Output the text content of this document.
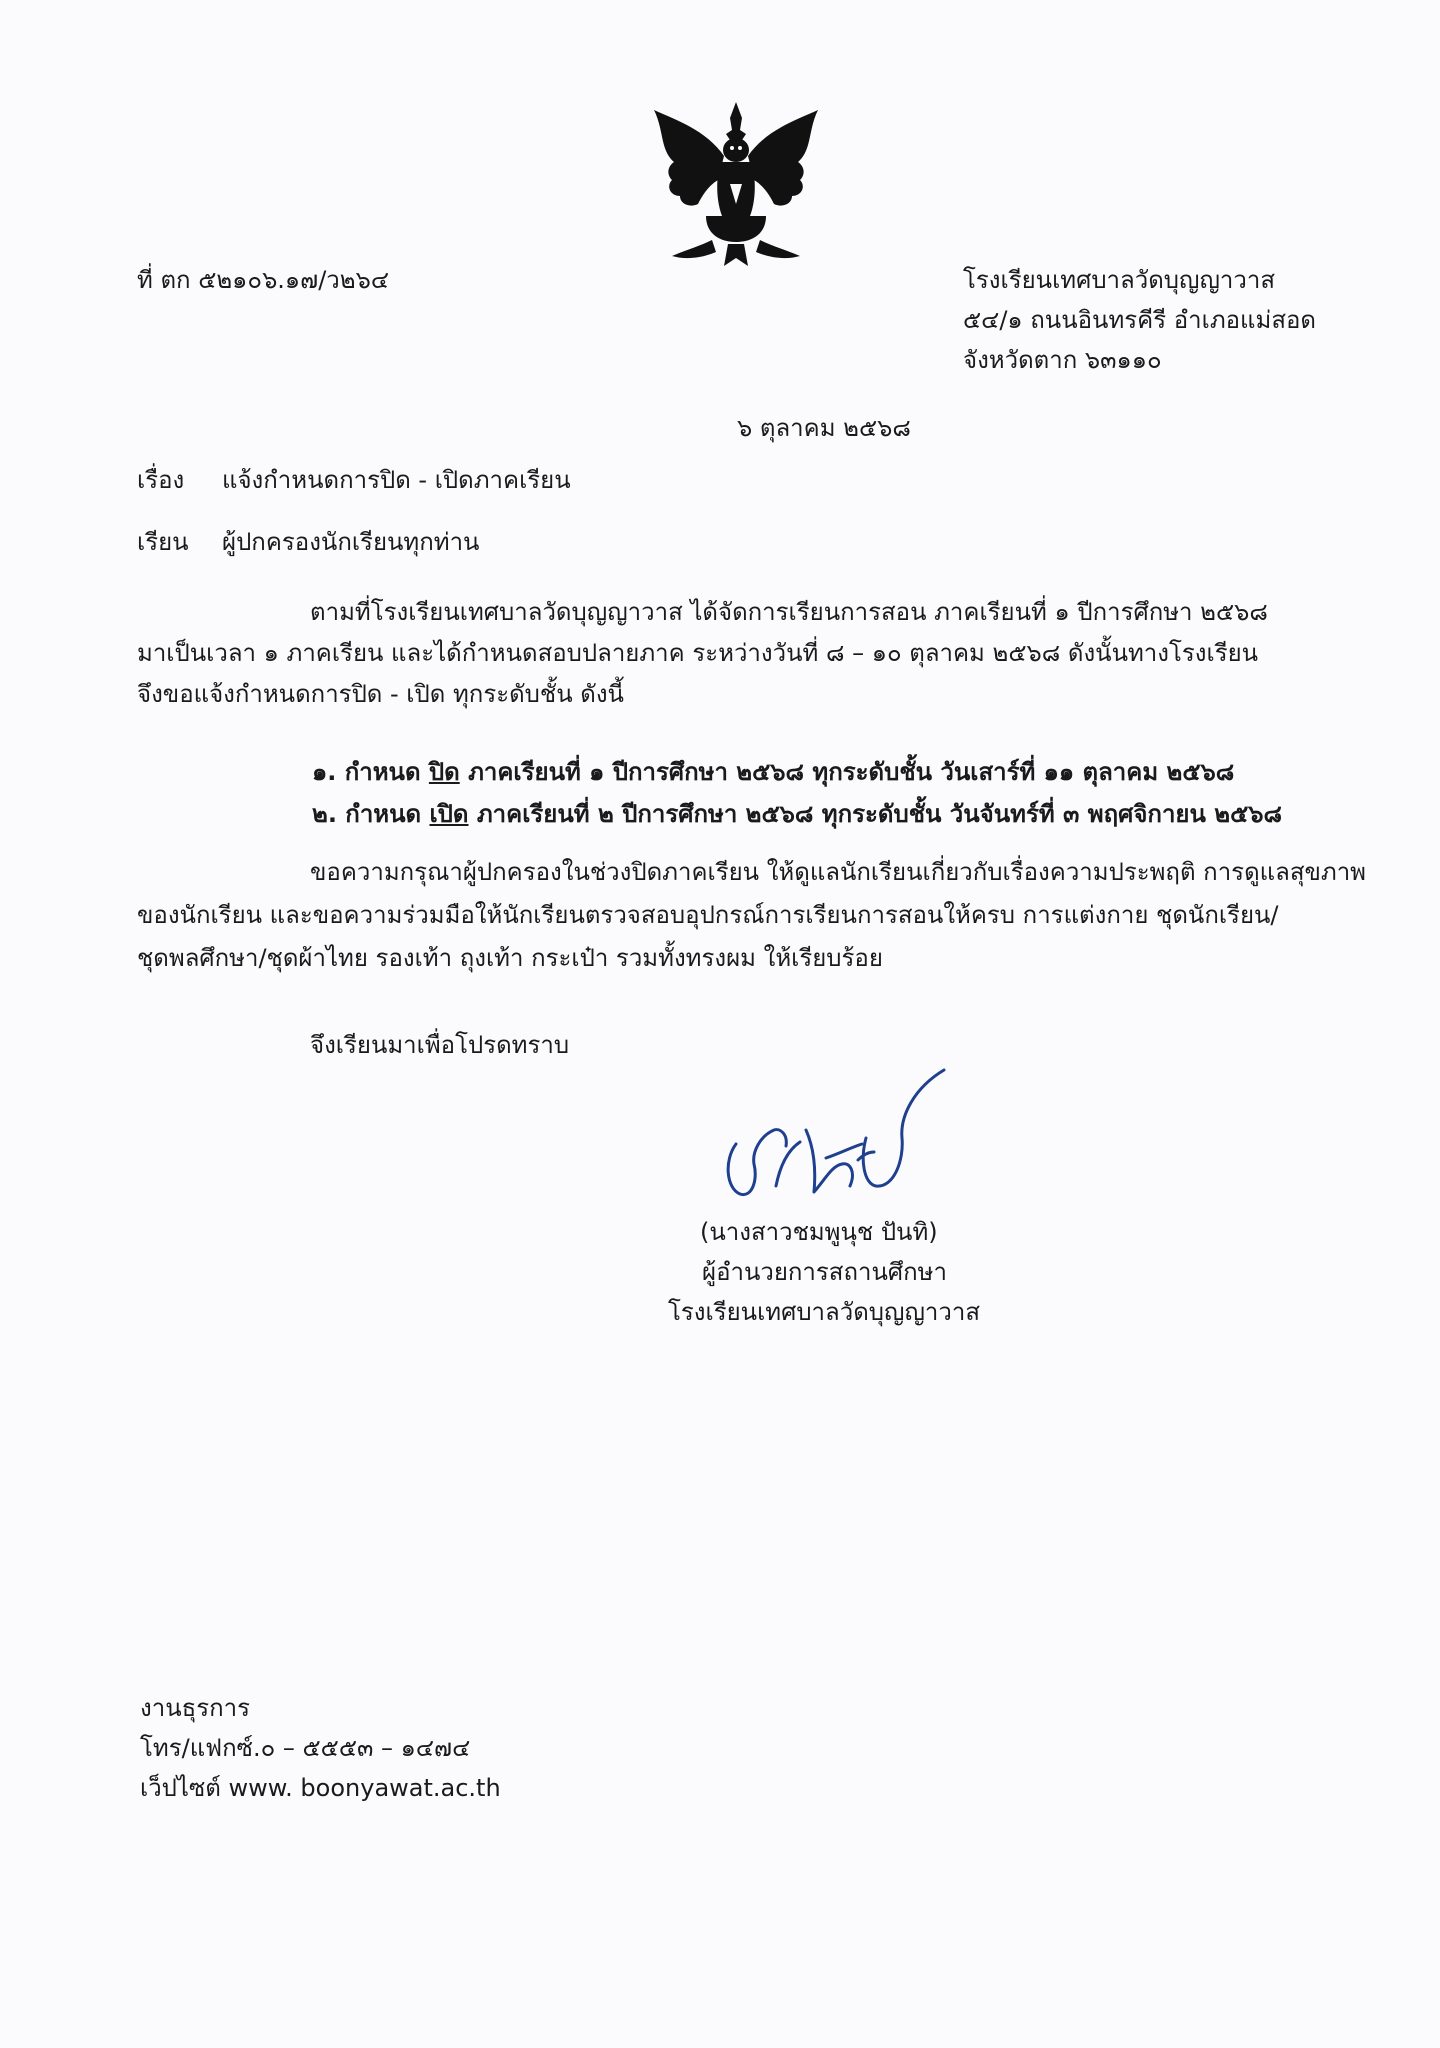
ที่ ตก ๕๒๑๐๖.๑๗/ว๒๖๔	โรงเรียนเทศบาลวัดบุญญาวาส
๕๔/๑ ถนนอินทรคีรี อำเภอแม่สอด
จังหวัดตาก ๖๓๑๑๐
๖ ตุลาคม ๒๕๖๘
เรื่อง แจ้งกำหนดการปิด - เปิดภาคเรียน
เรียน ผู้ปกครองนักเรียนทุกท่าน
ตามที่โรงเรียนเทศบาลวัดบุญญาวาส ได้จัดการเรียนการสอน ภาคเรียนที่ ๑ ปีการศึกษา ๒๕๖๘
มาเป็นเวลา ๑ ภาคเรียน และได้กำหนดสอบปลายภาค ระหว่างวันที่ ๘ – ๑๐ ตุลาคม ๒๕๖๘ ดังนั้นทางโรงเรียน
จึงขอแจ้งกำหนดการปิด - เปิด ทุกระดับชั้น ดังนี้
๑. กำหนด ปิด ภาคเรียนที่ ๑ ปีการศึกษา ๒๕๖๘ ทุกระดับชั้น วันเสาร์ที่ ๑๑ ตุลาคม ๒๕๖๘
๒. กำหนด เปิด ภาคเรียนที่ ๒ ปีการศึกษา ๒๕๖๘ ทุกระดับชั้น วันจันทร์ที่ ๓ พฤศจิกายน ๒๕๖๘
ขอความกรุณาผู้ปกครองในช่วงปิดภาคเรียน ให้ดูแลนักเรียนเกี่ยวกับเรื่องความประพฤติ การดูแลสุขภาพ
ของนักเรียน และขอความร่วมมือให้นักเรียนตรวจสอบอุปกรณ์การเรียนการสอนให้ครบ การแต่งกาย ชุดนักเรียน/
ชุดพลศึกษา/ชุดผ้าไทย รองเท้า ถุงเท้า กระเป๋า รวมทั้งทรงผม ให้เรียบร้อย
จึงเรียนมาเพื่อโปรดทราบ
(นางสาวชมพูนุช ปันทิ)
ผู้อำนวยการสถานศึกษา
โรงเรียนเทศบาลวัดบุญญาวาส
งานธุรการ
โทร/แฟกซ์.๐ – ๕๕๕๓ – ๑๔๗๔
เว็ปไซต์ www. boonyawat.ac.th
